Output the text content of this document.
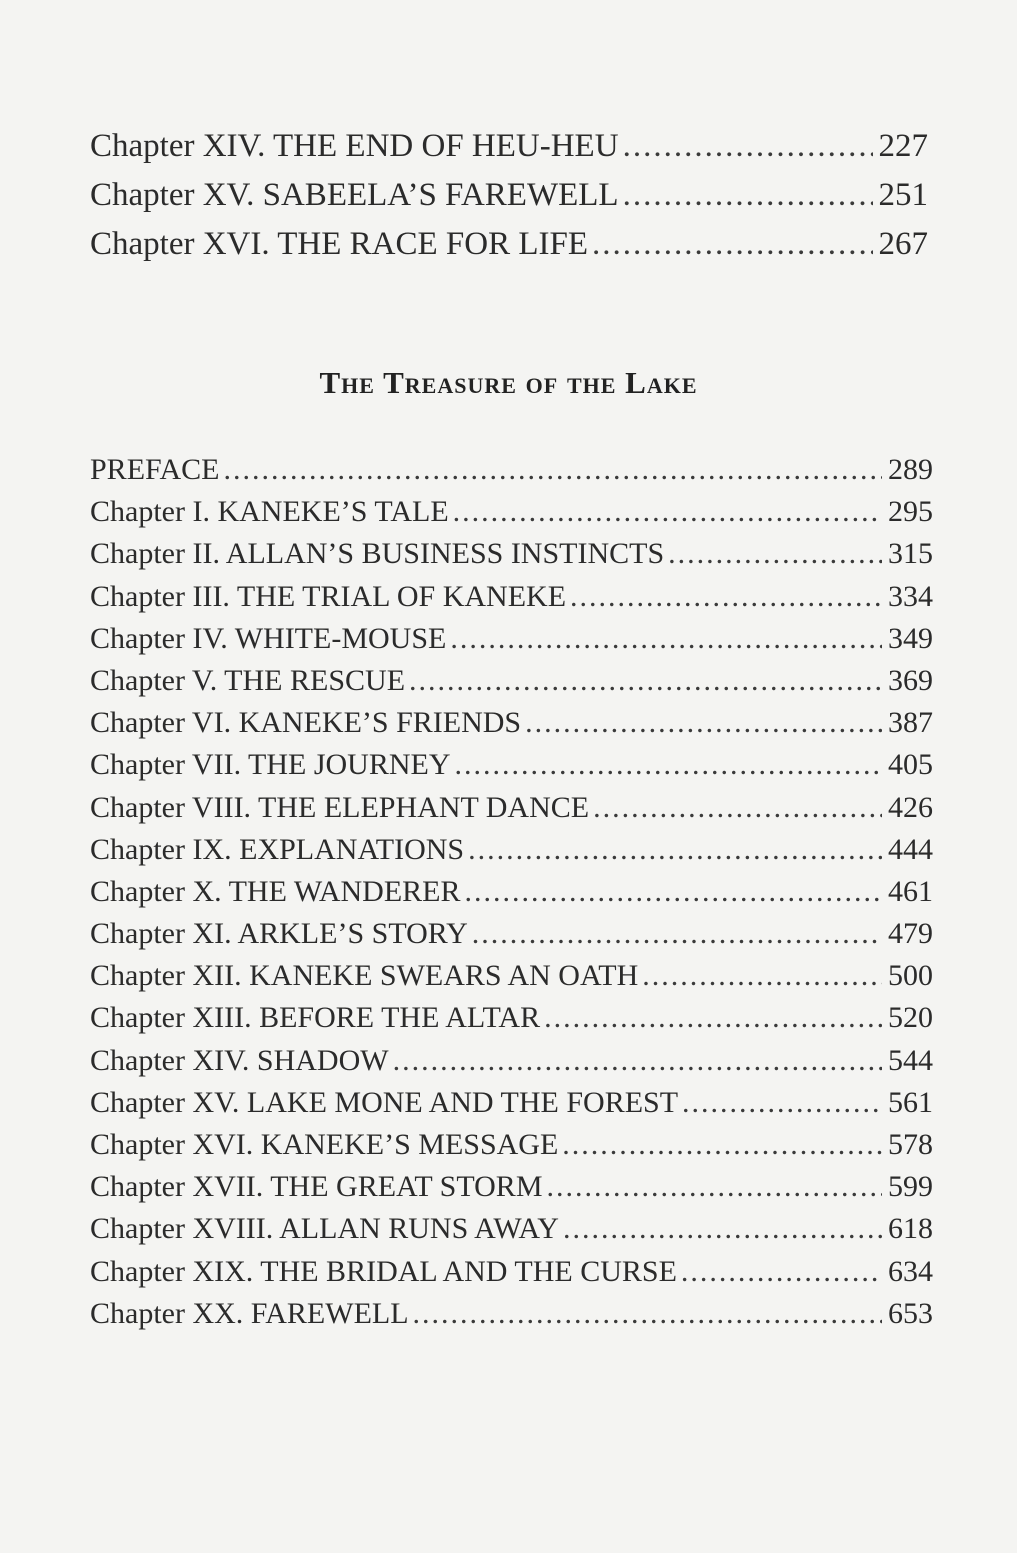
Chapter XIV. THE END OF HEU-HEU .....	227
Chapter XV. SABEELA’S FAREWELL .....	251
Chapter XVI. THE RACE FOR LIFE .....	267
The Treasure of the Lake
PREFACE .....	289
Chapter I. KANEKE’S TALE .....	295
Chapter II. ALLAN’S BUSINESS INSTINCTS .....	315
Chapter III. THE TRIAL OF KANEKE .....	334
Chapter IV. WHITE-MOUSE .....	349
Chapter V. THE RESCUE .....	369
Chapter VI. KANEKE’S FRIENDS .....	387
Chapter VII. THE JOURNEY .....	405
Chapter VIII. THE ELEPHANT DANCE .....	426
Chapter IX. EXPLANATIONS .....	444
Chapter X. THE WANDERER .....	461
Chapter XI. ARKLE’S STORY .....	479
Chapter XII. KANEKE SWEARS AN OATH .....	500
Chapter XIII. BEFORE THE ALTAR .....	520
Chapter XIV. SHADOW .....	544
Chapter XV. LAKE MONE AND THE FOREST .....	561
Chapter XVI. KANEKE’S MESSAGE .....	578
Chapter XVII. THE GREAT STORM .....	599
Chapter XVIII. ALLAN RUNS AWAY .....	618
Chapter XIX. THE BRIDAL AND THE CURSE .....	634
Chapter XX. FAREWELL .....	653
